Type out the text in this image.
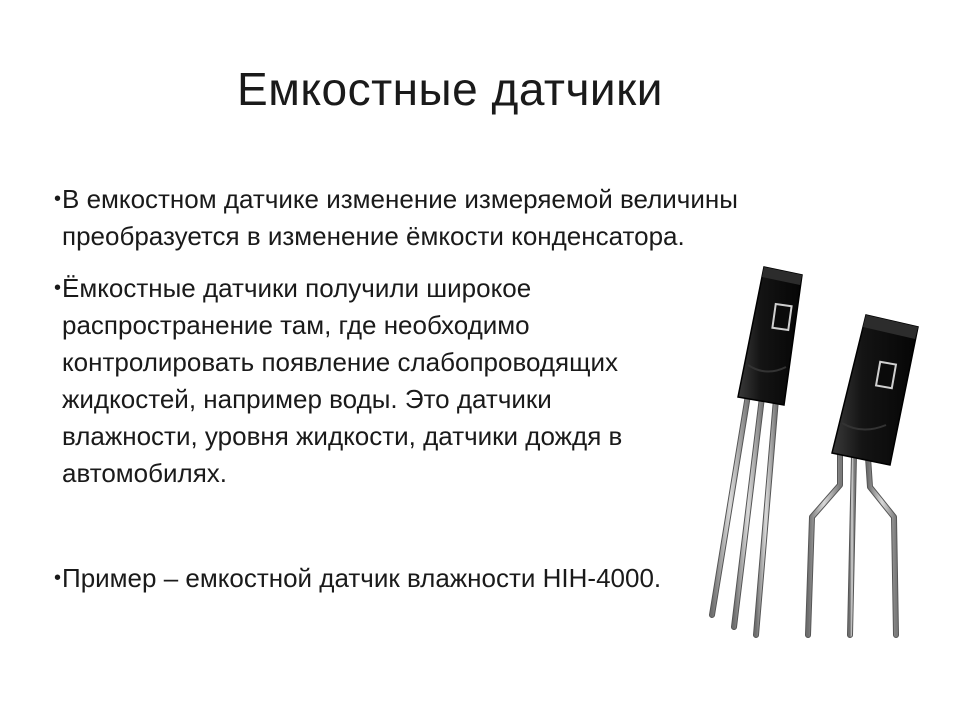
Емкостные датчики

• В емкостном датчике изменение измеряемой величины преобразуется в изменение ёмкости конденсатора.

• Ёмкостные датчики получили широкое распространение там, где необходимо контролировать появление слабопроводящих жидкостей, например воды. Это датчики влажности, уровня жидкости, датчики дождя в автомобилях.

• Пример – емкостной датчик влажности HIH-4000.
